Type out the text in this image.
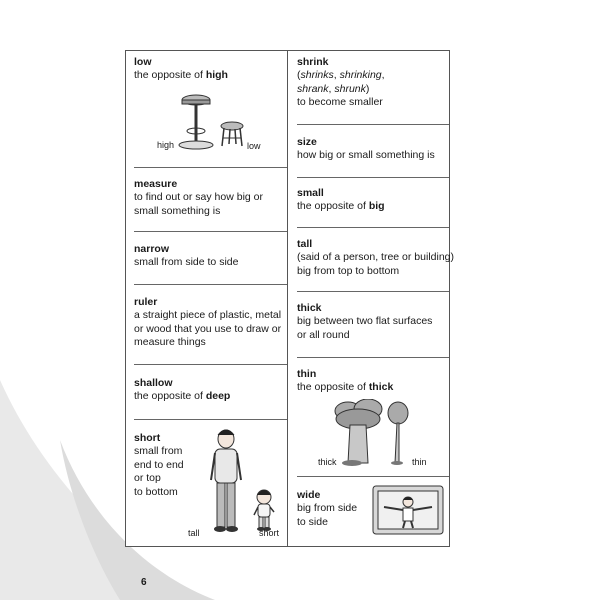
low
the opposite of high
high	low
measure
to find out or say how big or small something is
narrow
small from side to side
ruler
a straight piece of plastic, metal or wood that you use to draw or measure things
shallow
the opposite of deep
short
small from
end to end
or top
to bottom
tall	short
shrink
(shrinks, shrinking,
shrank, shrunk)
to become smaller
size
how big or small something is
small
the opposite of big
tall
(said of a person, tree or building)
big from top to bottom
thick
big between two flat surfaces
or all round
thin
the opposite of thick
thick	thin
wide
big from side
to side
6
